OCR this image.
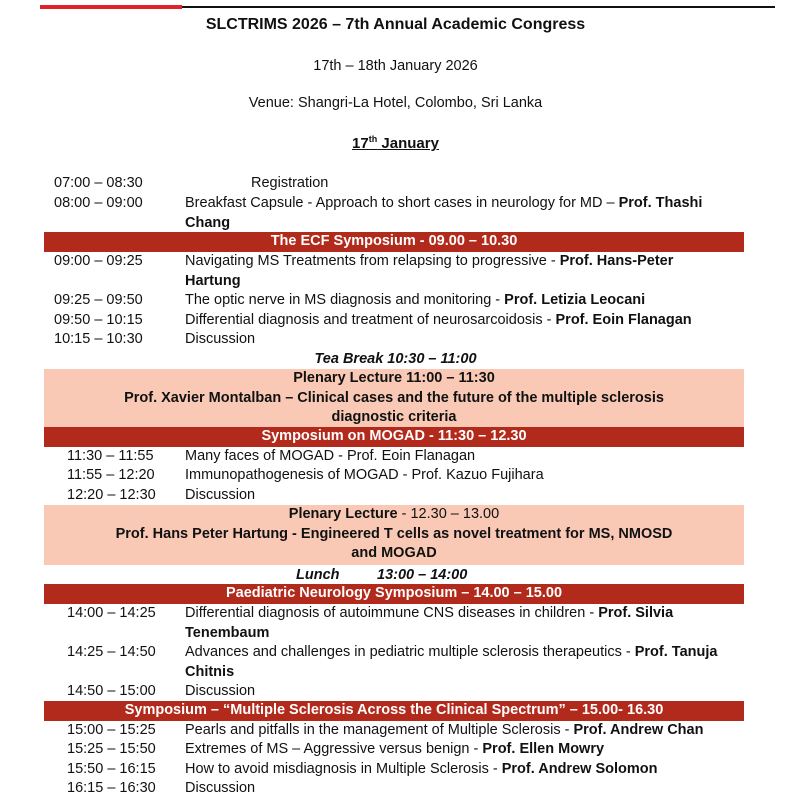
SLCTRIMS 2026 – 7th Annual Academic Congress
17th – 18th January 2026
Venue: Shangri-La Hotel, Colombo, Sri Lanka
17th January
07:00 – 08:30	Registration
08:00 – 09:00	Breakfast Capsule - Approach to short cases in neurology for MD – Prof. Thashi Chang
The ECF Symposium - 09.00 – 10.30
09:00 – 09:25	Navigating MS Treatments from relapsing to progressive - Prof. Hans-Peter Hartung
09:25 – 09:50	The optic nerve in MS diagnosis and monitoring - Prof. Letizia Leocani
09:50 – 10:15	Differential diagnosis and treatment of neurosarcoidosis - Prof. Eoin Flanagan
10:15 – 10:30	Discussion
Tea Break 10:30 – 11:00
Plenary Lecture 11:00 – 11:30
Prof. Xavier Montalban – Clinical cases and the future of the multiple sclerosis diagnostic criteria
Symposium on MOGAD - 11:30 – 12.30
11:30 – 11:55 Many faces of MOGAD - Prof. Eoin Flanagan
11:55 – 12:20 Immunopathogenesis of MOGAD - Prof. Kazuo Fujihara
12:20 – 12:30 Discussion
Plenary Lecture - 12.30 – 13.00
Prof. Hans Peter Hartung - Engineered T cells as novel treatment for MS, NMOSD and MOGAD
Lunch	13:00 – 14:00
Paediatric Neurology Symposium – 14.00 – 15.00
14:00 – 14:25 Differential diagnosis of autoimmune CNS diseases in children - Prof. Silvia Tenembaum
14:25 – 14:50 Advances and challenges in pediatric multiple sclerosis therapeutics - Prof. Tanuja Chitnis
14:50 – 15:00 Discussion
Symposium – “Multiple Sclerosis Across the Clinical Spectrum” – 15.00- 16.30
15:00 – 15:25 Pearls and pitfalls in the management of Multiple Sclerosis - Prof. Andrew Chan
15:25 – 15:50 Extremes of MS – Aggressive versus benign - Prof. Ellen Mowry
15:50 – 16:15 How to avoid misdiagnosis in Multiple Sclerosis - Prof. Andrew Solomon
16:15 – 16:30 Discussion
